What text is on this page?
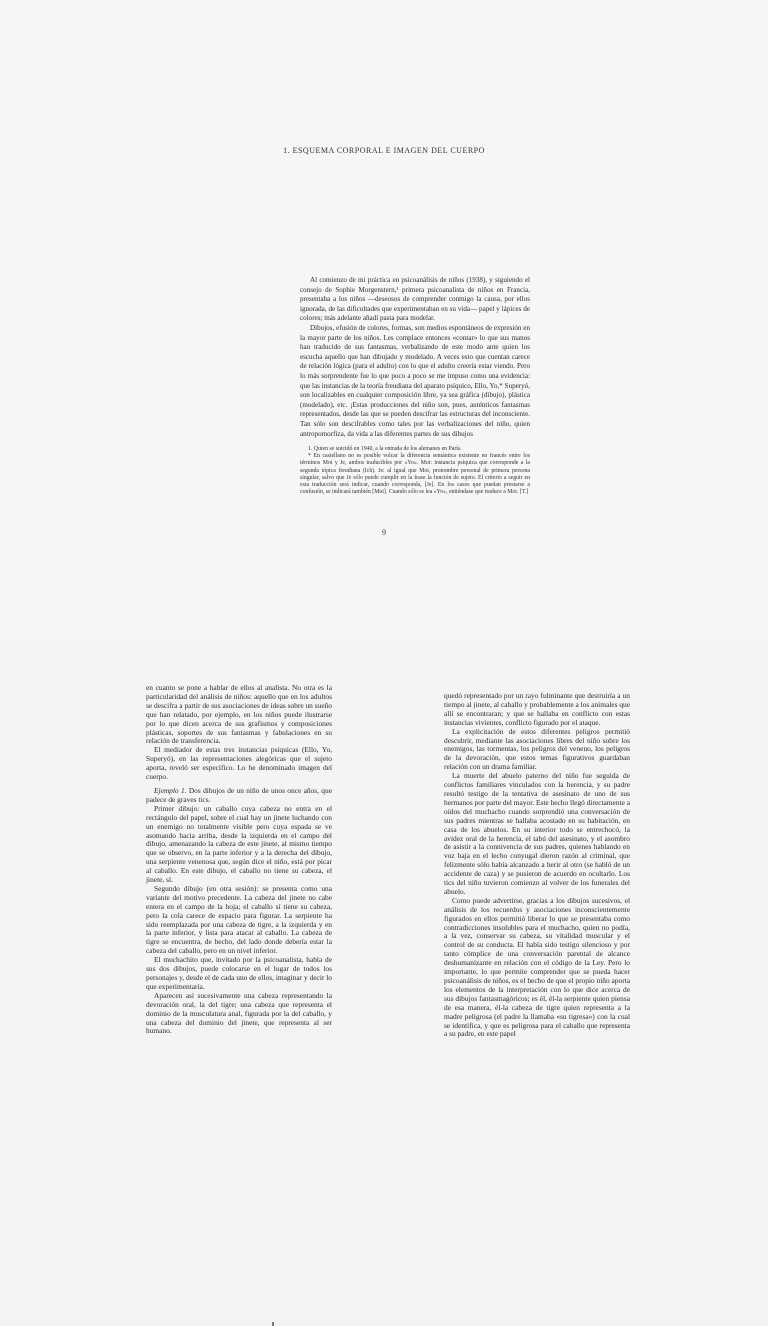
1. ESQUEMA CORPORAL E IMAGEN DEL CUERPO

Al comienzo de mi práctica en psicoanálisis de niños (1938), y siguiendo el consejo de Sophie Morgenstern,¹ primera psicoanalista de niños en Francia, presentaba a los niños —deseosos de comprender conmigo la causa, por ellos ignorada, de las dificultades que experimentaban en su vida— papel y lápices de colores; más adelante añadí pasta para modelar.

Dibujos, efusión de colores, formas, son medios espontáneos de expresión en la mayor parte de los niños. Les complace entonces «contar» lo que sus manos han traducido de sus fantasmas, verbalizando de este modo ante quien los escucha aquello que han dibujado y modelado. A veces esto que cuentan carece de relación lógica (para el adulto) con lo que el adulto creería estar viendo. Pero lo más sorprendente fue lo que poco a poco se me impuso como una evidencia: que las instancias de la teoría freudiana del aparato psíquico, Ello, Yo,* Superyó, son localizables en cualquier composición libre, ya sea gráfica (dibujo), plástica (modelado), etc. ¡Estas producciones del niño son, pues, auténticos fantasmas representados, desde las que se pueden descifrar las estructuras del inconsciente. Tan sólo son descifrables como tales por las verbalizaciones del niño, quien antropomorfiza, da vida a las diferentes partes de sus dibujos

1. Quien se suicidó en 1940, a la entrada de los alemanes en París.

* En castellano no es posible volcar la diferencia semántica existente en francés entre los términos Moi y Je, ambos traducibles por «Yo». Moi: instancia psíquica que corresponde a la segunda tópica freudiana (Ich). Je: al igual que Moi, pronombre personal de primera persona singular, salvo que Je sólo puede cumplir en la frase la función de sujeto. El criterio a seguir en esta traducción será indicar, cuando corresponda, [Je]. En los casos que puedan prestarse a confusión, se indicará también [Moi]. Cuando sólo se lea «Yo», entiéndase que traduce a Moi. [T.]

9

en cuanto se pone a hablar de ellos al analista. No otra es la particularidad del análisis de niños: aquello que en los adultos se descifra a partir de sus asociaciones de ideas sobre un sueño que han relatado, por ejemplo, en los niños puede ilustrarse por lo que dicen acerca de sus grafismos y composiciones plásticas, soportes de sus fantasmas y fabulaciones en su relación de transferencia.

El mediador de estas tres instancias psíquicas (Ello, Yo, Superyó), en las representaciones alegóricas que el sujeto aporta, reveló ser específico. Lo he denominado imagen del cuerpo.

Ejemplo 1. Dos dibujos de un niño de unos once años, que padece de graves tics.

Primer dibujo: un caballo cuya cabeza no entra en el rectángulo del papel, sobre el cual hay un jinete luchando con un enemigo no totalmente visible pero cuya espada se ve asomando hacia arriba, desde la izquierda en el campo del dibujo, amenazando la cabeza de este jinete, al mismo tiempo que se observo, en la parte inferior y a la derecha del dibujo, una serpiente venenosa que, según dice el niño, está por picar al caballo. En este dibujo, el caballo no tiene su cabeza, el jinete, sí.

Segundo dibujo (en otra sesión): se presenta como una variante del motivo precedente. La cabeza del jinete no cabe entera en el campo de la hoja; el caballo sí tiene su cabeza, pero la cola carece de espacio para figurar. La serpiente ha sido reemplazada por una cabeza de tigre, a la izquierda y en la parte inferior, y lista para atacar al caballo. La cabeza de tigre se encuentra, de hecho, del lado donde debería estar la cabeza del caballo, pero en un nivel inferior.

El muchachito que, invitado por la psicoanalista, habla de sus dos dibujos, puede colocarse en el lugar de todos los personajes y, desde el de cada uno de ellos, imaginar y decir lo que experimentaría.

Aparecen así sucesivamente una cabeza representando la devoración oral, la del tigre; una cabeza que representa el dominio de la musculatura anal, figurada por la del caballo, y una cabeza del dominio del jinete, que representa al ser humano.

quedó representado por un rayo fulminante que destruiría a un tiempo al jinete, al caballo y probablemente a los animales que allí se encontraran; y que se hallaba en conflicto con estas instancias vivientes, conflicto figurado por el ataque.

La explicitación de estos diferentes peligros permitió descubrir, mediante las asociaciones libres del niño sobre los enemigos, las tormentas, los peligros del veneno, los peligros de la devoración, que estos temas figurativos guardaban relación con un drama familiar.

La muerte del abuelo paterno del niño fue seguida de conflictos familiares vinculados con la herencia, y su padre resultó testigo de la tentativa de asesinato de uno de sus hermanos por parte del mayor. Este hecho llegó directamente a oídos del muchacho cuando sorprendió una conversación de sus padres mientras se hallaba acostado en su habitación, en casa de los abuelos. En su interior todo se entrechocó, la avidez oral de la herencia, el tabú del asesinato, y el asombro de asistir a la connivencia de sus padres, quienes hablando en voz baja en el lecho conyugal dieron razón al criminal, que felizmente sólo había alcanzado a herir al otro (se habló de un accidente de caza) y se pusieron de acuerdo en ocultarlo. Los tics del niño tuvieron comienzo al volver de los funerales del abuelo.

Como puede advertirse, gracias a los dibujos sucesivos, el análisis de los recuerdos y asociaciones inconscientemente figurados en ellos permitió liberar lo que se presentaba como contradicciones insolubles para el muchacho, quien no podía, a la vez, conservar su cabeza, su vitalidad muscular y el control de su conducta. El había sido testigo silencioso y por tanto cómplice de una conversación parental de alcance deshumanizante en relación con el código de la Ley. Pero lo importante, lo que permite comprender que se pueda hacer psicoanálisis de niños, es el hecho de que el propio niño aporta los elementos de la interpretación con lo que dice acerca de sus dibujos fantasmagóricos; es él, él-la serpiente quien piensa de esa manera, él-la cabeza de tigre quien representa a la madre peligrosa (el padre la llamaba «su tigresa») con la cual se identifica, y que es peligrosa para el caballo que representa a su padre, en este papel
